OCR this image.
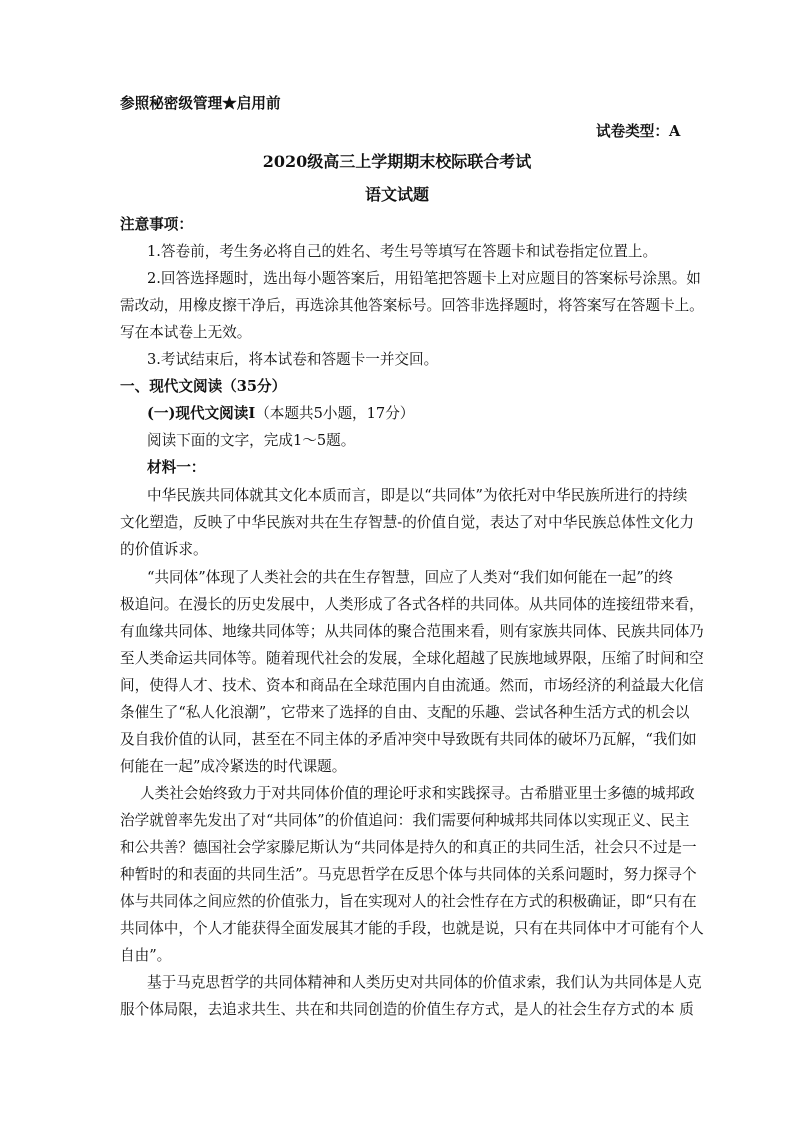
参照秘密级管理★启用前
试卷类型：A
2020级高三上学期期末校际联合考试
语文试题
注意事项：
1.答卷前，考生务必将自己的姓名、考生号等填写在答题卡和试卷指定位置上。
2.回答选择题时，选出每小题答案后，用铅笔把答题卡上对应题目的答案标号涂黑。如
需改动，用橡皮擦干净后，再选涂其他答案标号。回答非选择题时，将答案写在答题卡上。
写在本试卷上无效。
3.考试结束后，将本试卷和答题卡一并交回。
一、现代文阅读（35分）
(一)现代文阅读Ⅰ（本题共5小题，17分）
阅读下面的文字，完成1～5题。
材料一：
中华民族共同体就其文化本质而言，即是以“共同体”为依托对中华民族所进行的持续
文化塑造，反映了中华民族对共在生存智慧-的价值自觉，表达了对中华民族总体性文化力
的价值诉求。
“共同体”体现了人类社会的共在生存智慧，回应了人类对“我们如何能在一起”的终
极追问。在漫长的历史发展中，人类形成了各式各样的共同体。从共同体的连接纽带来看，
有血缘共同体、地缘共同体等；从共同体的聚合范围来看，则有家族共同体、民族共同体乃
至人类命运共同体等。随着现代社会的发展，全球化超越了民族地域界限，压缩了时间和空
间，使得人才、技术、资本和商品在全球范围内自由流通。然而，市场经济的利益最大化信
条催生了“私人化浪潮”，它带来了选择的自由、支配的乐趣、尝试各种生活方式的机会以
及自我价值的认同，甚至在不同主体的矛盾冲突中导致既有共同体的破坏乃瓦解，“我们如
何能在一起”成冷紧迭的时代课题。
人类社会始终致力于对共同体价值的理论吁求和实践探寻。古希腊亚里士多德的城邦政
治学就曾率先发出了对“共同体”的价值追问：我们需要何种城邦共同体以实现正义、民主
和公共善？德国社会学家滕尼斯认为“共同体是持久的和真正的共同生活，社会只不过是一
种暂时的和表面的共同生活”。马克思哲学在反思个体与共同体的关系问题时，努力探寻个
体与共同体之间应然的价值张力，旨在实现对人的社会性存在方式的积极确证，即“只有在
共同体中，个人才能获得全面发展其才能的手段，也就是说，只有在共同体中才可能有个人
自由”。
基于马克思哲学的共同体精神和人类历史对共同体的价值求索，我们认为共同体是人克
服个体局限，去追求共生、共在和共同创造的价值生存方式，是人的社会生存方式的本 质
